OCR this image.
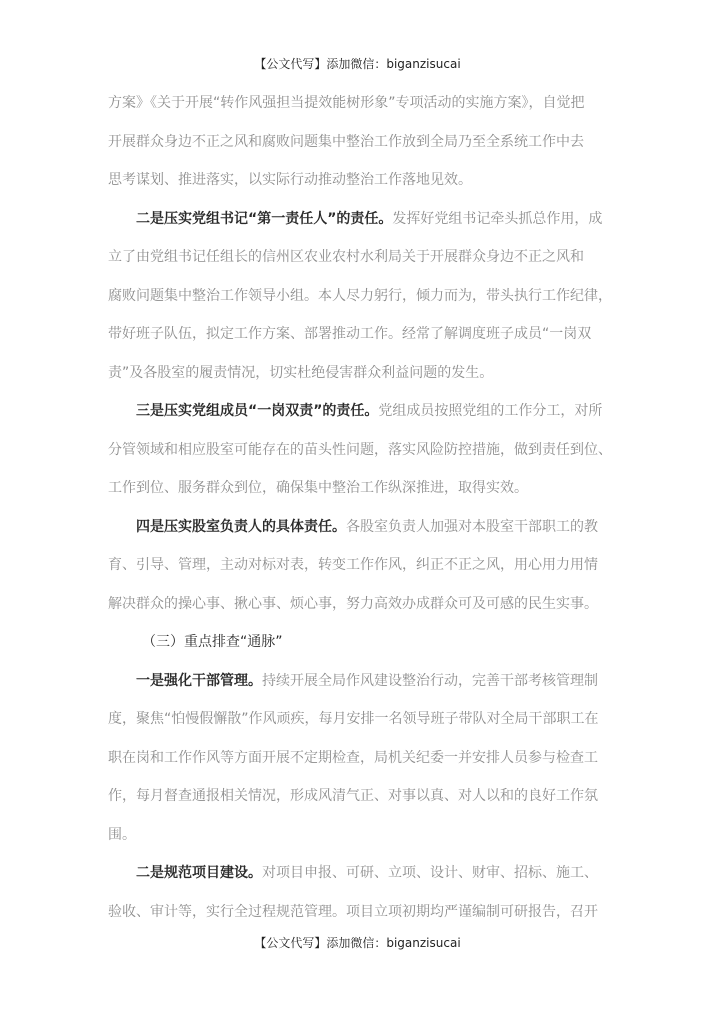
【公文代写】添加微信：biganzisucai
方案》《关于开展“转作风强担当提效能树形象”专项活动的实施方案》，自觉把
开展群众身边不正之风和腐败问题集中整治工作放到全局乃至全系统工作中去
思考谋划、推进落实，以实际行动推动整治工作落地见效。
二是压实党组书记“第一责任人”的责任。发挥好党组书记牵头抓总作用，成
立了由党组书记任组长的信州区农业农村水利局关于开展群众身边不正之风和
腐败问题集中整治工作领导小组。本人尽力躬行，倾力而为，带头执行工作纪律，
带好班子队伍，拟定工作方案、部署推动工作。经常了解调度班子成员“一岗双
责”及各股室的履责情况，切实杜绝侵害群众利益问题的发生。
三是压实党组成员“一岗双责”的责任。党组成员按照党组的工作分工，对所
分管领域和相应股室可能存在的苗头性问题，落实风险防控措施，做到责任到位、
工作到位、服务群众到位，确保集中整治工作纵深推进，取得实效。
四是压实股室负责人的具体责任。各股室负责人加强对本股室干部职工的教
育、引导、管理，主动对标对表，转变工作作风，纠正不正之风，用心用力用情
解决群众的操心事、揪心事、烦心事，努力高效办成群众可及可感的民生实事。
（三）重点排查“通脉”
一是强化干部管理。持续开展全局作风建设整治行动，完善干部考核管理制
度，聚焦“怕慢假懈散”作风顽疾，每月安排一名领导班子带队对全局干部职工在
职在岗和工作作风等方面开展不定期检查，局机关纪委一并安排人员参与检查工
作，每月督查通报相关情况，形成风清气正、对事以真、对人以和的良好工作氛
围。
二是规范项目建设。对项目申报、可研、立项、设计、财审、招标、施工、
验收、审计等，实行全过程规范管理。项目立项初期均严谨编制可研报告，召开
【公文代写】添加微信：biganzisucai
